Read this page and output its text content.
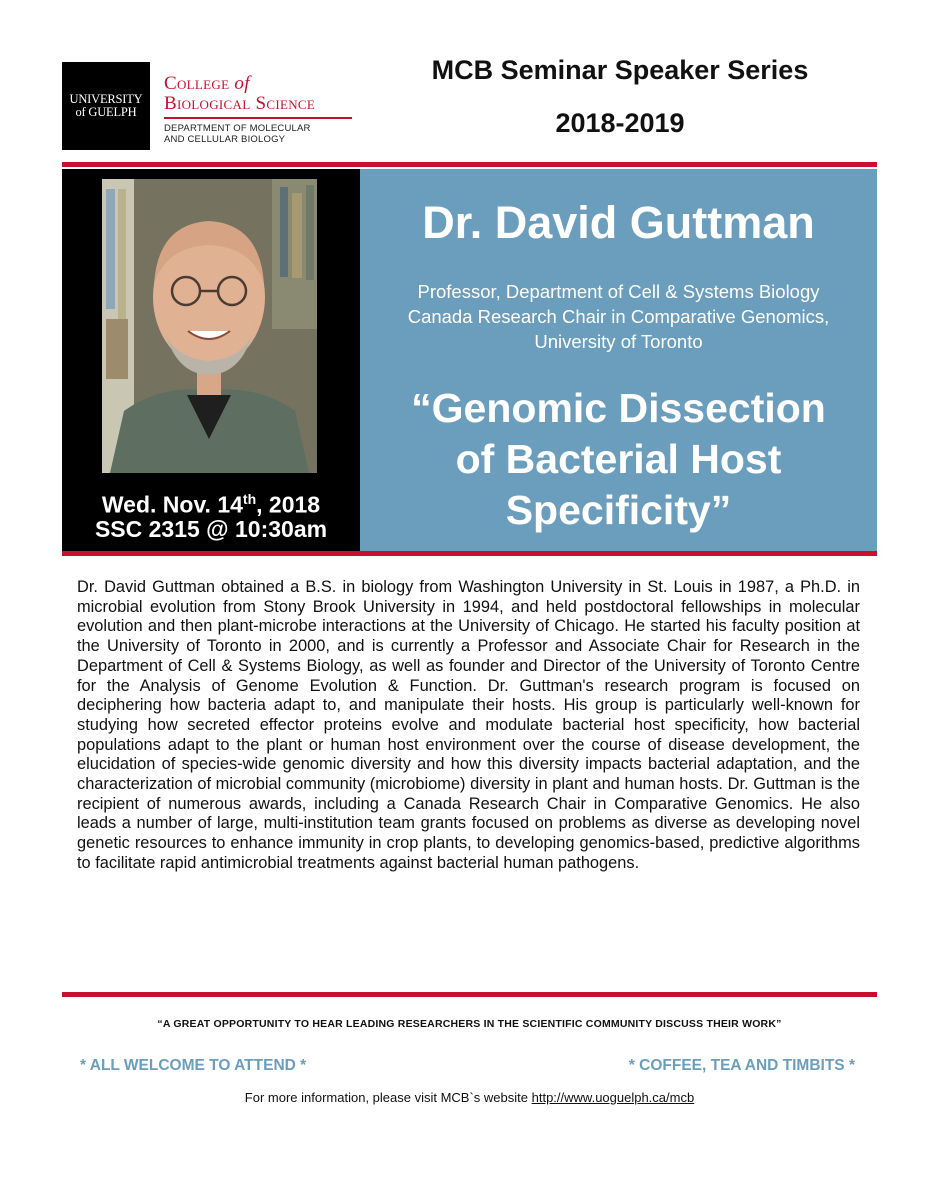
UNIVERSITY
of GUELPH
College of
Biological Science
DEPARTMENT OF MOLECULAR
AND CELLULAR BIOLOGY
MCB Seminar Speaker Series
2018-2019
Wed. Nov. 14th, 2018
SSC 2315 @ 10:30am
Dr. David Guttman
Professor, Department of Cell & Systems Biology
Canada Research Chair in Comparative Genomics,
University of Toronto
“Genomic Dissection
of Bacterial Host
Specificity”
Dr. David Guttman obtained a B.S. in biology from Washington University in St. Louis in 1987, a Ph.D. in microbial evolution from Stony Brook University in 1994, and held postdoctoral fellowships in molecular evolution and then plant-microbe interactions at the University of Chicago. He started his faculty position at the University of Toronto in 2000, and is currently a Professor and Associate Chair for Research in the Department of Cell & Systems Biology, as well as founder and Director of the University of Toronto Centre for the Analysis of Genome Evolution & Function. Dr. Guttman's research program is focused on deciphering how bacteria adapt to, and manipulate their hosts. His group is particularly well-known for studying how secreted effector proteins evolve and modulate bacterial host specificity, how bacterial populations adapt to the plant or human host environment over the course of disease development, the elucidation of species-wide genomic diversity and how this diversity impacts bacterial adaptation, and the characterization of microbial community (microbiome) diversity in plant and human hosts. Dr. Guttman is the recipient of numerous awards, including a Canada Research Chair in Comparative Genomics. He also leads a number of large, multi-institution team grants focused on problems as diverse as developing novel genetic resources to enhance immunity in crop plants, to developing genomics-based, predictive algorithms to facilitate rapid antimicrobial treatments against bacterial human pathogens.
“A GREAT OPPORTUNITY TO HEAR LEADING RESEARCHERS IN THE SCIENTIFIC COMMUNITY DISCUSS THEIR WORK”
* ALL WELCOME TO ATTEND *	* COFFEE, TEA AND TIMBITS *
For more information, please visit MCB`s website http://www.uoguelph.ca/mcb
